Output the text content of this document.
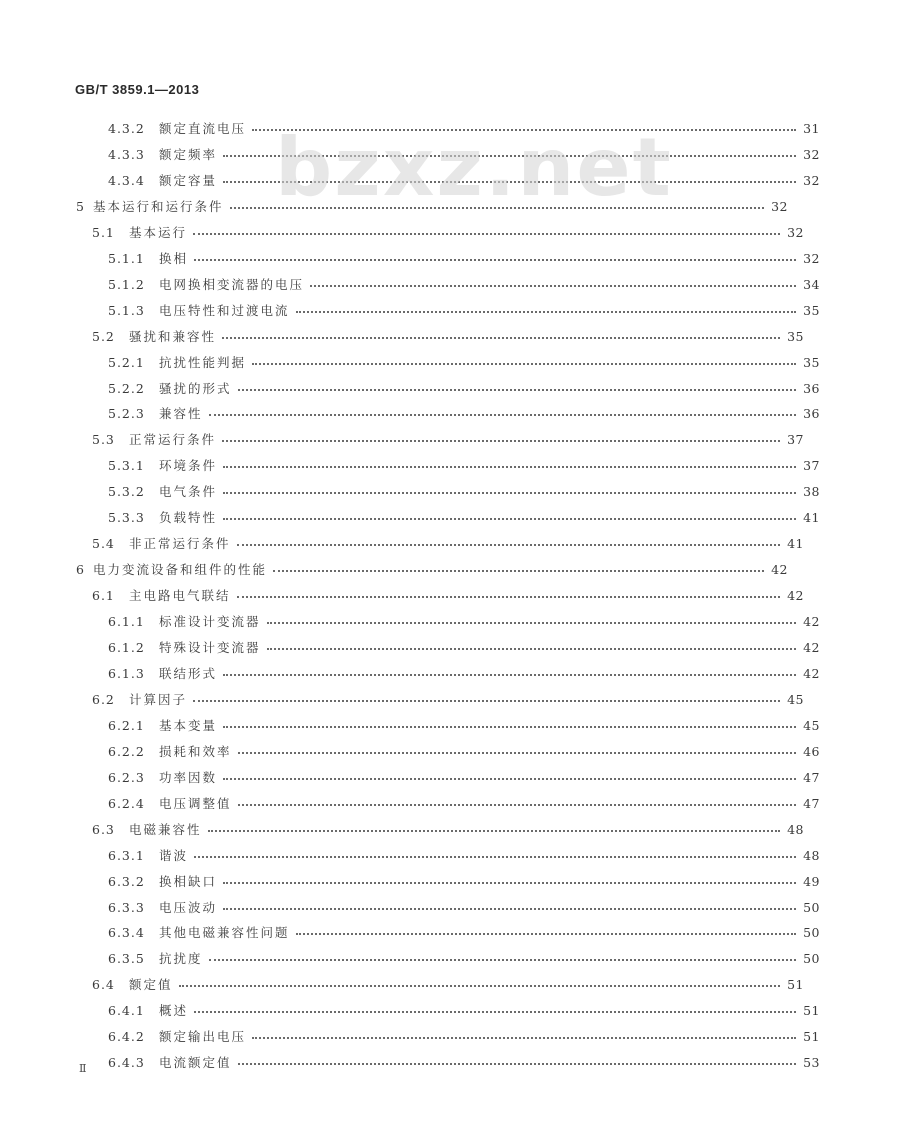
GB/T 3859.1—2013
bzxz.net
4.3.2	额定直流电压	31
4.3.3	额定频率	32
4.3.4	额定容量	32
5 基本运行和运行条件	32
5.1	基本运行	32
5.1.1	换相	32
5.1.2	电网换相变流器的电压	34
5.1.3	电压特性和过渡电流	35
5.2	骚扰和兼容性	35
5.2.1	抗扰性能判据	35
5.2.2	骚扰的形式	36
5.2.3	兼容性	36
5.3	正常运行条件	37
5.3.1	环境条件	37
5.3.2	电气条件	38
5.3.3	负载特性	41
5.4	非正常运行条件	41
6 电力变流设备和组件的性能	42
6.1	主电路电气联结	42
6.1.1	标准设计变流器	42
6.1.2	特殊设计变流器	42
6.1.3	联结形式	42
6.2	计算因子	45
6.2.1	基本变量	45
6.2.2	损耗和效率	46
6.2.3	功率因数	47
6.2.4	电压调整值	47
6.3	电磁兼容性	48
6.3.1	谐波	48
6.3.2	换相缺口	49
6.3.3	电压波动	50
6.3.4	其他电磁兼容性问题	50
6.3.5	抗扰度	50
6.4	额定值	51
6.4.1	概述	51
6.4.2	额定输出电压	51
6.4.3	电流额定值	53
Ⅱ
